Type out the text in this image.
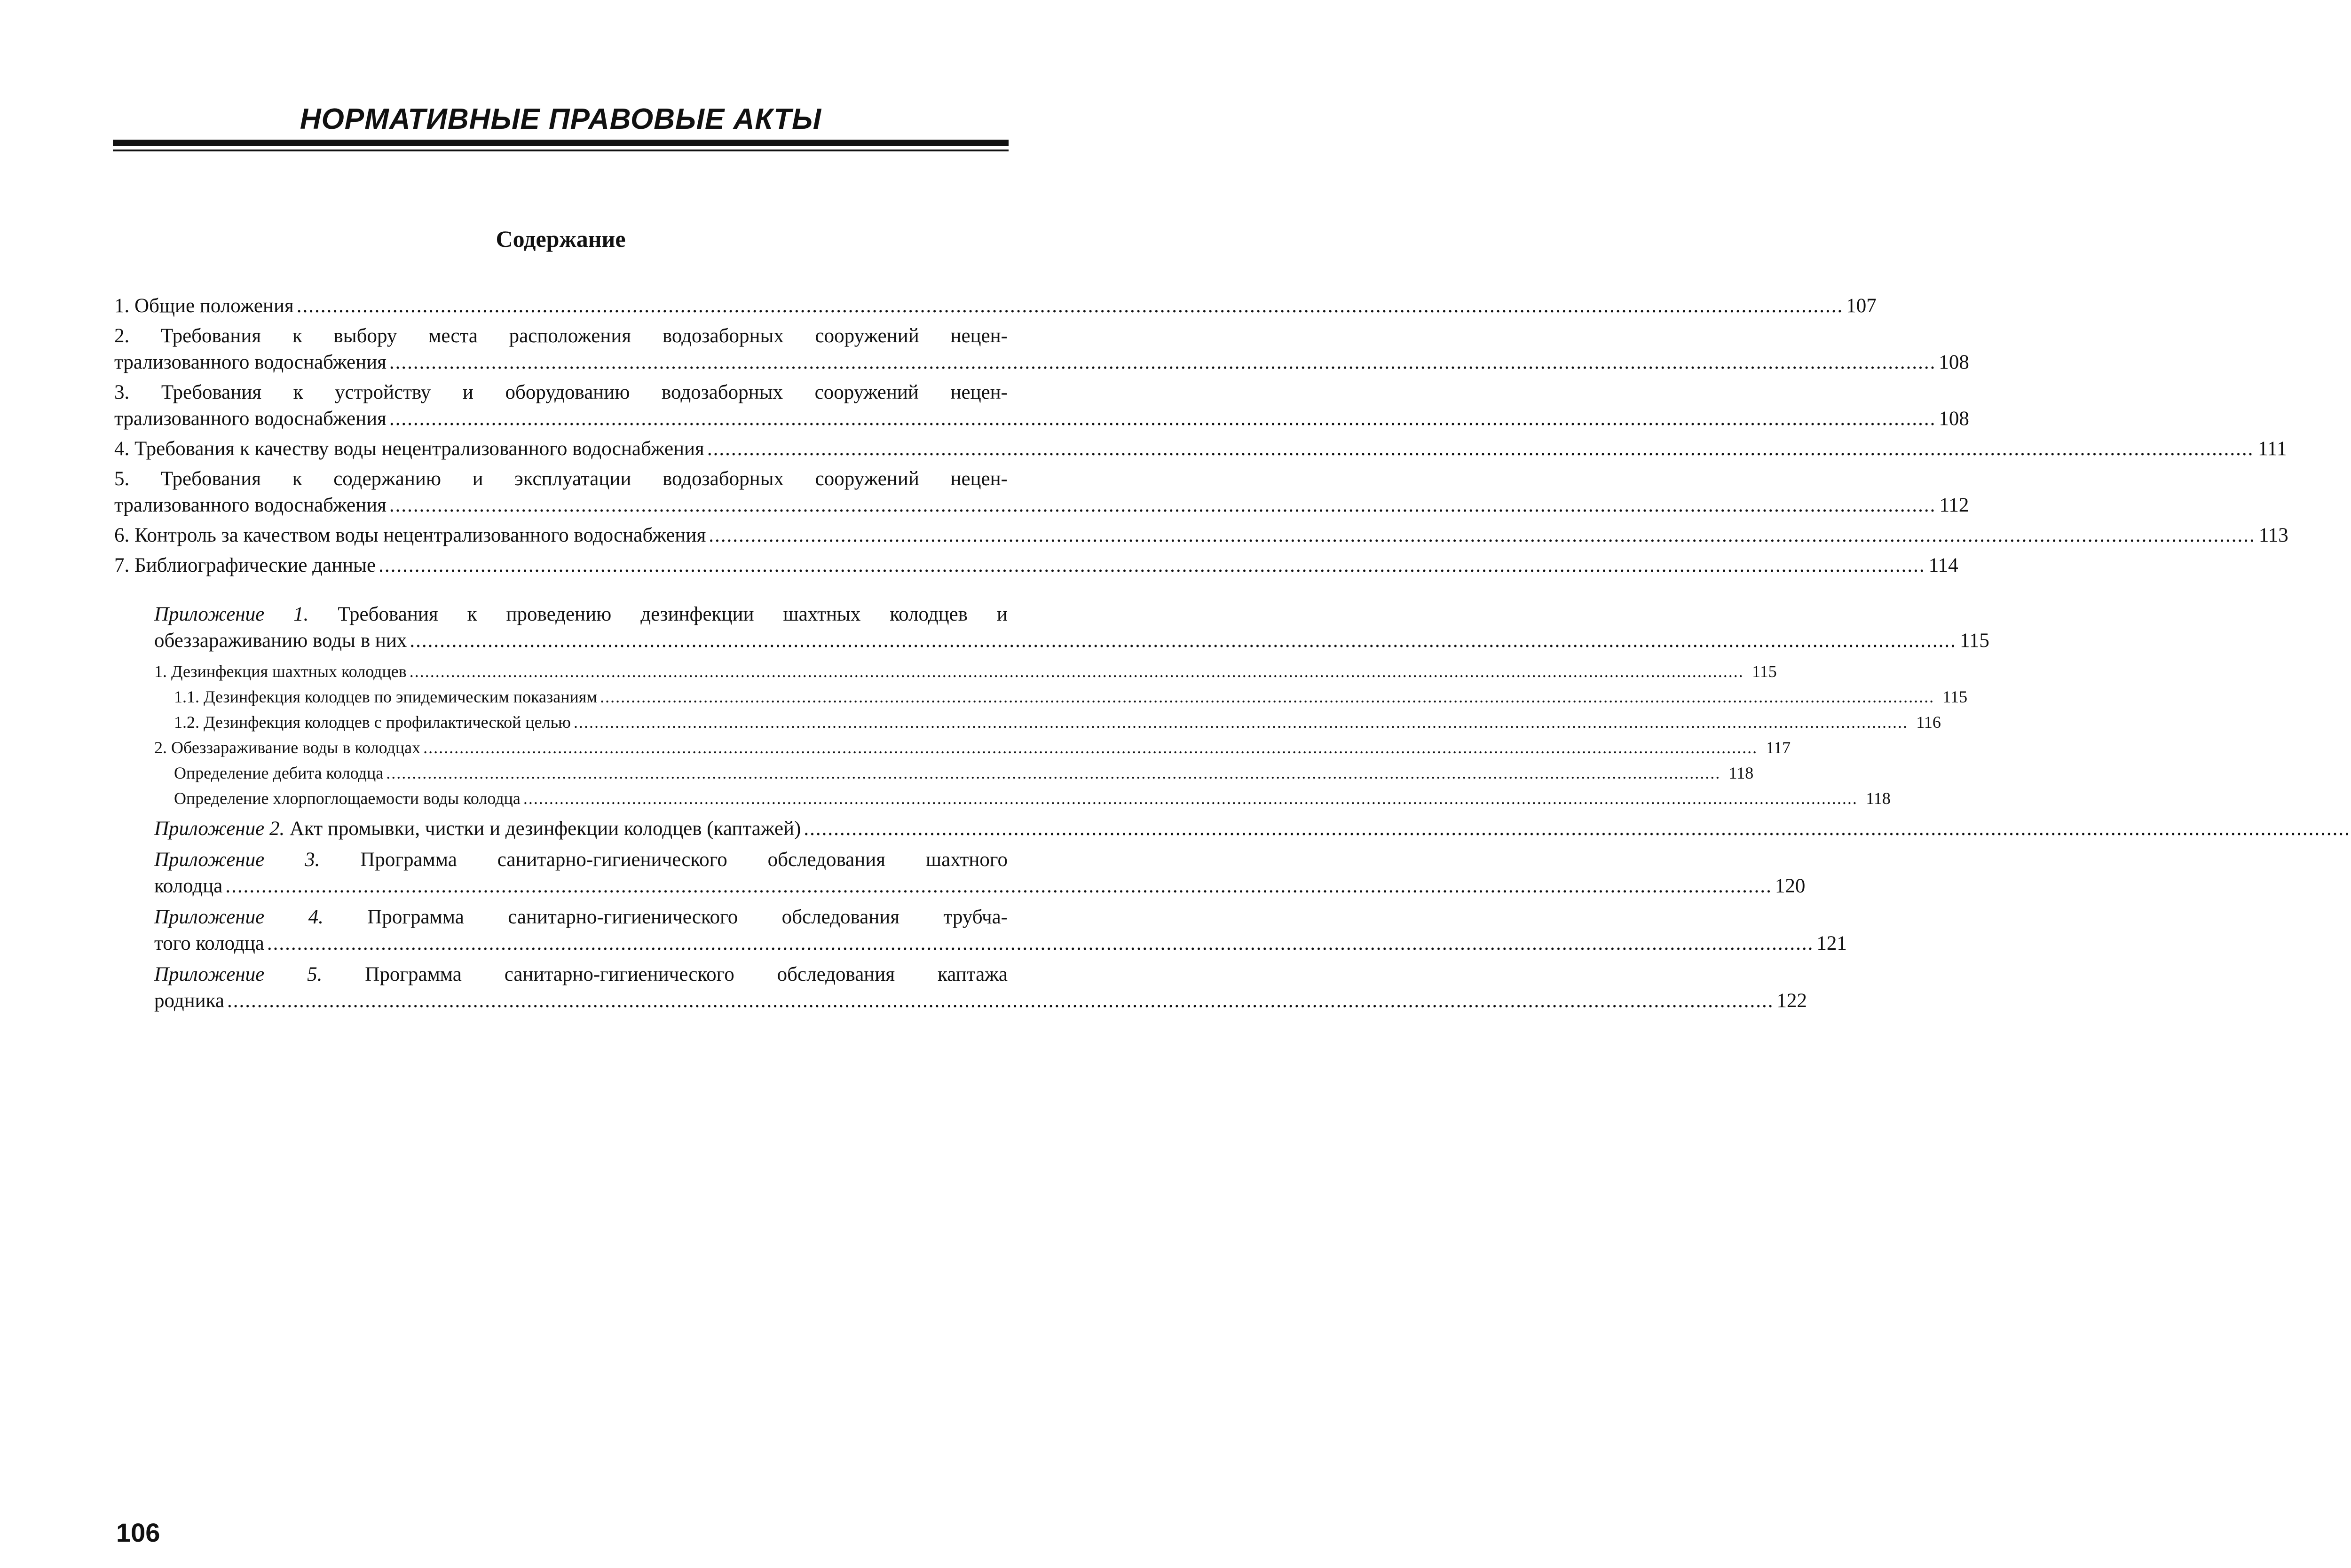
НОРМАТИВНЫЕ ПРАВОВЫЕ АКТЫ
Содержание
1. Общие положения .................................................................................................................................................................................................................................................................. 107
2. Требования к выбору места расположения водозаборных сооружений нецен-
трализованного водоснабжения .................................................................................................................................................................................................................................................................. 108
3. Требования к устройству и оборудованию водозаборных сооружений нецен-
трализованного водоснабжения .................................................................................................................................................................................................................................................................. 108
4. Требования к качеству воды нецентрализованного водоснабжения .................................................................................................................................................................................................................................................................. 111
5. Требования к содержанию и эксплуатации водозаборных сооружений нецен-
трализованного водоснабжения .................................................................................................................................................................................................................................................................. 112
6. Контроль за качеством воды нецентрализованного водоснабжения .................................................................................................................................................................................................................................................................. 113
7. Библиографические данные .................................................................................................................................................................................................................................................................. 114
Приложение 1. Требования к проведению дезинфекции шахтных колодцев и
обеззараживанию воды в них .................................................................................................................................................................................................................................................................. 115
1. Дезинфекция шахтных колодцев .................................................................................................................................................................................................................................................................. 115
1.1. Дезинфекция колодцев по эпидемическим показаниям .................................................................................................................................................................................................................................................................. 115
1.2. Дезинфекция колодцев с профилактической целью .................................................................................................................................................................................................................................................................. 116
2. Обеззараживание воды в колодцах .................................................................................................................................................................................................................................................................. 117
Определение дебита колодца .................................................................................................................................................................................................................................................................. 118
Определение хлорпоглощаемости воды колодца .................................................................................................................................................................................................................................................................. 118
Приложение 2. Акт промывки, чистки и дезинфекции колодцев (каптажей) ..................................................................................................................................................................................................................................................................
Приложение 3. Программа санитарно-гигиенического обследования шахтного
колодца .................................................................................................................................................................................................................................................................. 120
Приложение 4. Программа санитарно-гигиенического обследования трубча-
того колодца .................................................................................................................................................................................................................................................................. 121
Приложение 5. Программа санитарно-гигиенического обследования каптажа
родника .................................................................................................................................................................................................................................................................. 122
106
